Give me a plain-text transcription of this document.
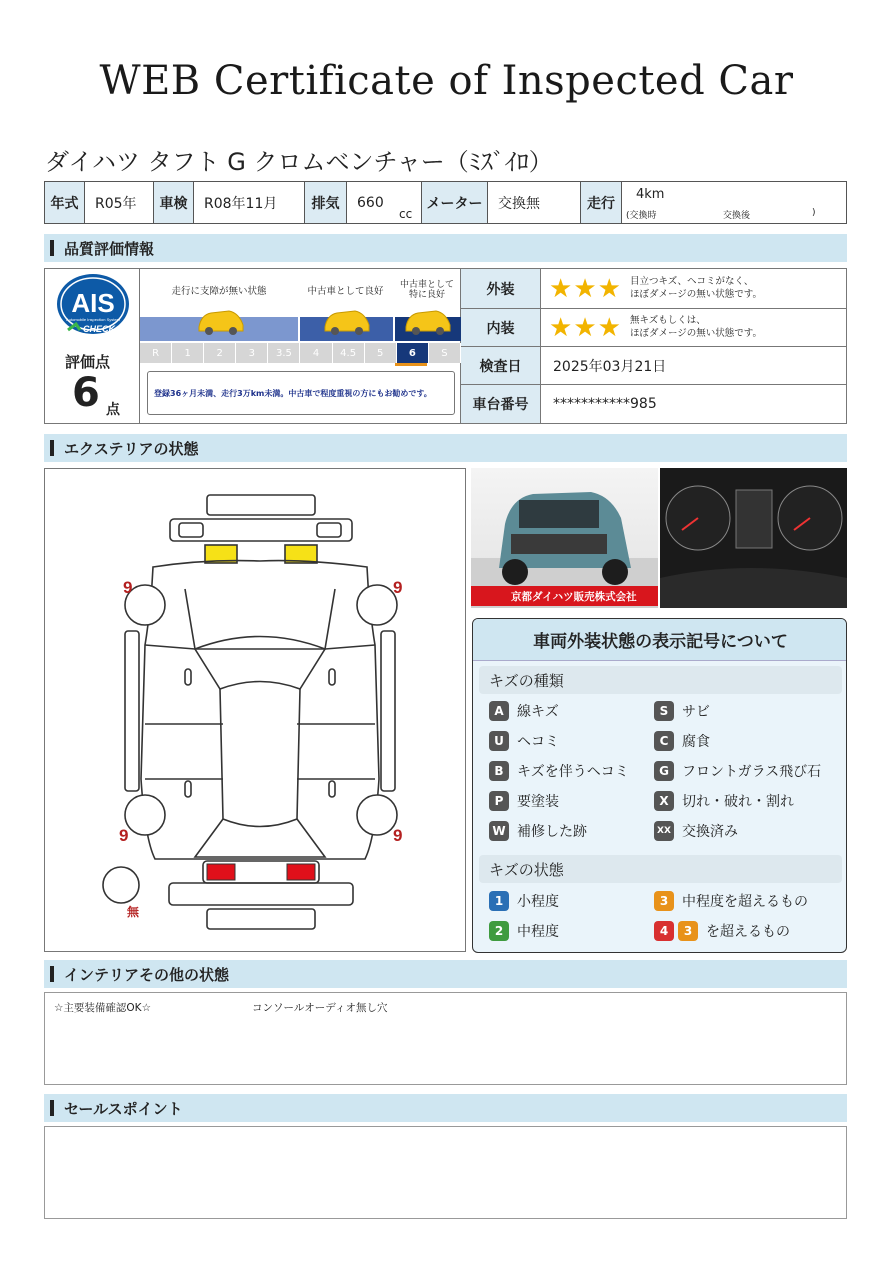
WEB Certificate of Inspected Car
ダイハツ タフト G クロムベンチャー（ﾐｽﾞｲﾛ）
年式	R05年	車検	R08年11月	排気	660
cc
メーター	交換無	走行
4km
(交換時	交換後	)
品質評価情報
AIS
Automobile Inspection System
CHECK
評価点
6 点
走行に支障が無い状態	中古車として良好
中古車として
特に良好
R	1	2	3	3.5	4	4.5	5	6	S
登録36ヶ月未満、走行3万km未満。中古車で程度重視の方にもお勧めです。
外装	★★★ 目立つキズ、ヘコミがなく、
ほぼダメージの無い状態です。
内装	★★★ 無キズもしくは、
ほぼダメージの無い状態です。
検査日	2025年03月21日
車台番号	***********985
エクステリアの状態
9	9
9	9
無
京都ダイハツ販売株式会社
車両外装状態の表示記号について
キズの種類
A 線キズ	S サビ
U ヘコミ	C 腐食
B キズを伴うヘコミ	G フロントガラス飛び石
P 要塗装	X 切れ・破れ・割れ
W 補修した跡	XX 交換済み
キズの状態
1 小程度	3 中程度を超えるもの
2 中程度	4	3 を超えるもの
インテリアその他の状態
☆主要装備確認OK☆	コンソールオーディオ無し穴
セールスポイント
